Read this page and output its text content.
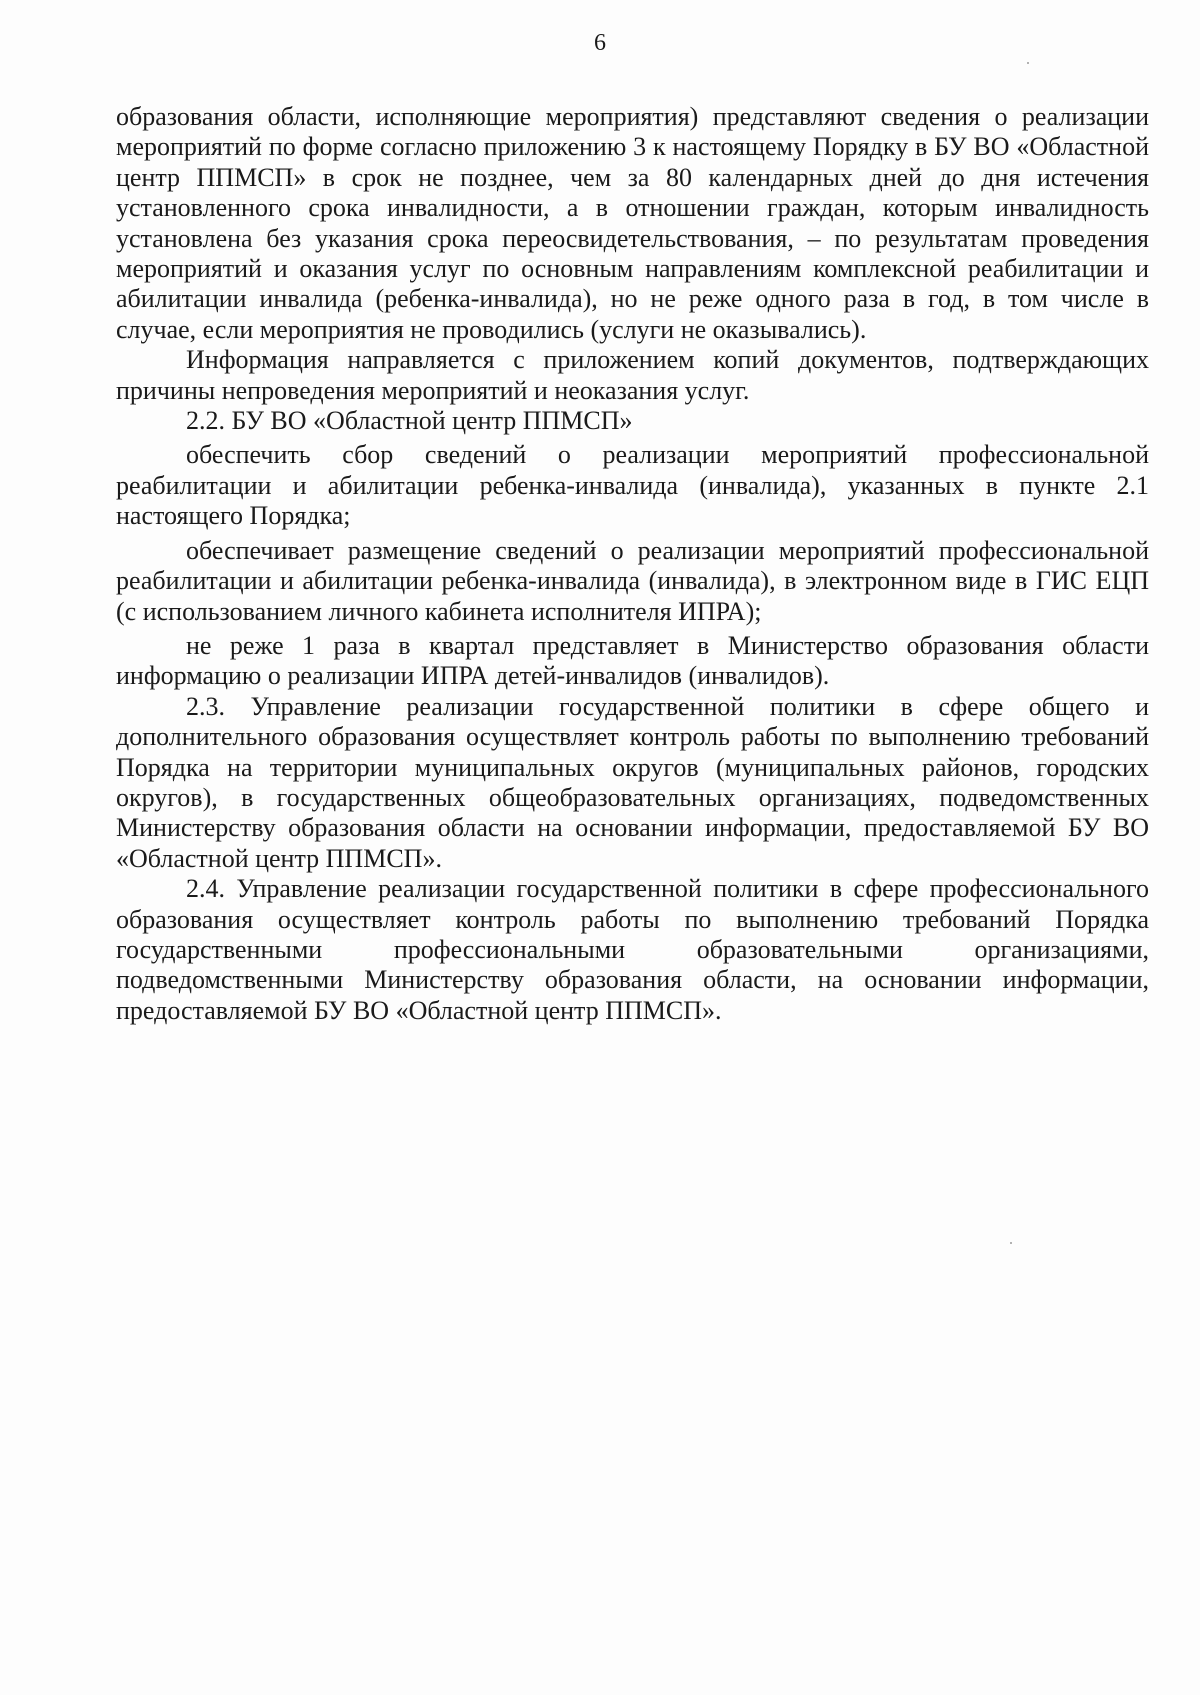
6

образования области, исполняющие мероприятия) представляют сведения о реализации мероприятий по форме согласно приложению 3 к настоящему Порядку в БУ ВО «Областной центр ППМСП» в срок не позднее, чем за 80 календарных дней до дня истечения установленного срока инвалидности, а в отношении граждан, которым инвалидность установлена без указания срока переосвидетельствования, – по результатам проведения мероприятий и оказания услуг по основным направлениям комплексной реабилитации и абилитации инвалида (ребенка-инвалида), но не реже одного раза в год, в том числе в случае, если мероприятия не проводились (услуги не оказывались).

Информация направляется с приложением копий документов, подтверждающих причины непроведения мероприятий и неоказания услуг.

2.2. БУ ВО «Областной центр ППМСП»

обеспечить сбор сведений о реализации мероприятий профессиональной реабилитации и абилитации ребенка-инвалида (инвалида), указанных в пункте 2.1 настоящего Порядка;

обеспечивает размещение сведений о реализации мероприятий профессиональной реабилитации и абилитации ребенка-инвалида (инвалида), в электронном виде в ГИС ЕЦП (с использованием личного кабинета исполнителя ИПРА);

не реже 1 раза в квартал представляет в Министерство образования области информацию о реализации ИПРА детей-инвалидов (инвалидов).

2.3. Управление реализации государственной политики в сфере общего и дополнительного образования осуществляет контроль работы по выполнению требований Порядка на территории муниципальных округов (муниципальных районов, городских округов), в государственных общеобразовательных организациях, подведомственных Министерству образования области на основании информации, предоставляемой БУ ВО «Областной центр ППМСП».

2.4. Управление реализации государственной политики в сфере профессионального образования осуществляет контроль работы по выполнению требований Порядка государственными профессиональными образовательными организациями, подведомственными Министерству образования области, на основании информации, предоставляемой БУ ВО «Областной центр ППМСП».
